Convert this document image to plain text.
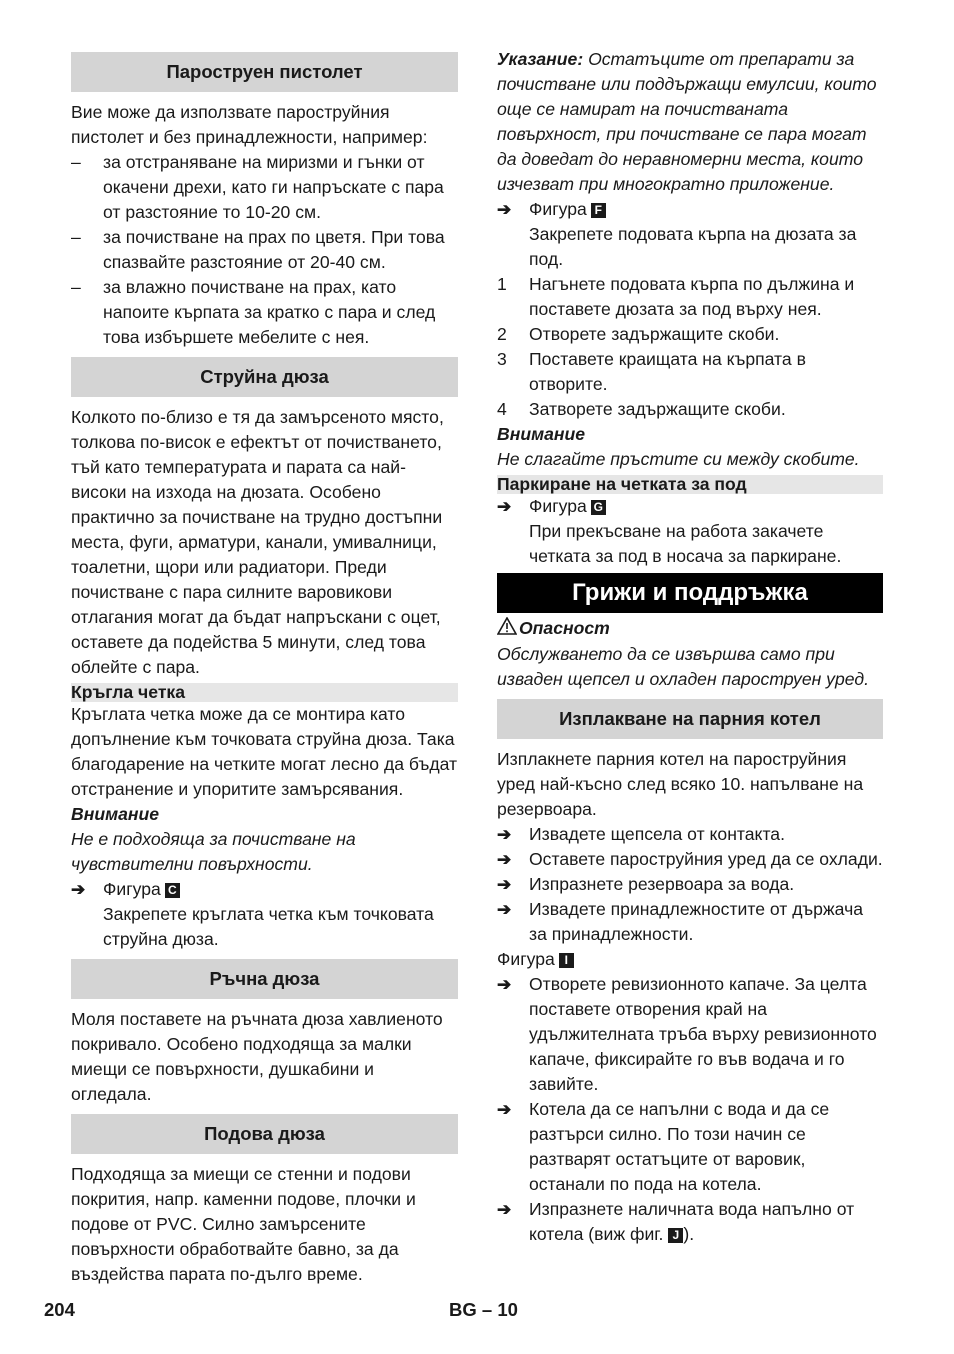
Пароструен пистолет

Вие може да използвате пароструйния пистолет и без принадлежности, например:

–	за отстраняване на миризми и гънки от окачени дрехи, като ги напръскате с пара от разстояние то 10-20 см.
–	за почистване на прах по цветя. При това спазвайте разстояние от 20-40 см.
–	за влажно почистване на прах, като напоите кърпата за кратко с пара и след това избършете мебелите с нея.
Струйна дюза

Колкото по-близо е тя да замърсеното място, толкова по-висок е ефектът от почистването, тъй като температурата и парата са най-високи на изхода на дюзата. Особено практично за почистване на трудно достъпни места, фуги, арматури, канали, умивалници, тоалетни, щори или радиатори. Преди почистване с пара силните варовикови отлагания могат да бъдат напръскани с оцет, оставете да подейства 5 минути, след това облейте с пара.

Кръгла четка

Кръглата четка може да се монтира като допълнение към точковата струйна дюза. Така благодарение на четките могат лесно да бъдат отстранение и упоритите замърсявания.

Внимание

Не е подходяща за почистване на чувствителни повърхности.

➔	Фигура C
Закрепете кръглата четка към точковата струйна дюза.
Ръчна дюза

Моля поставете на ръчната дюза хавлиеното покривало. Особено подходяща за малки миещи се повърхности, душкабини и огледала.

Подова дюза

Подходяща за миещи се стенни и подови покрития, напр. каменни подове, плочки и подове от PVC. Силно замърсените повърхности обработвайте бавно, за да въздейства парата по-дълго време.

Указание: Остатъците от препарати за почистване или поддържащи емулсии, които още се намират на почистваната повърхност, при почистване се пара могат да доведат до неравномерни места, които изчезват при многократно приложение.

➔	Фигура F
Закрепете подовата кърпа на дюзата за под.
1	Нагънете подовата кърпа по дължина и поставете дюзата за под върху нея.
2	Отворете задържащите скоби.
3	Поставете краищата на кърпата в отворите.
4	Затворете задържащите скоби.

Внимание

Не слагайте пръстите си между скобите.

Паркиране на четката за под
➔	Фигура G
При прекъсване на работа закачете четката за под в носача за паркиране.
Грижи и поддръжка

Опасност

Обслужването да се извършва само при изваден щепсел и охладен пароструен уред.

Изплакване на парния котел

Изплакнете парния котел на пароструйния уред най-късно след всяко 10. напълване на резервоара.

➔	Извадете щепсела от контакта.
➔	Оставете пароструйния уред да се охлади.
➔	Изпразнете резервоара за вода.
➔	Извадете принадлежностите от държача за принадлежности.

Фигура I

➔	Отворете ревизионното капаче. За целта поставете отворения край на удължителната тръба върху ревизионното капаче, фиксирайте го във водача и го завийте.
➔	Котела да се напълни с вода и да се разтърси силно. По този начин се разтварят остатъците от варовик, останали по пода на котела.
➔	Изпразнете наличната вода напълно от котела (виж фиг. J ).
204	BG – 10
